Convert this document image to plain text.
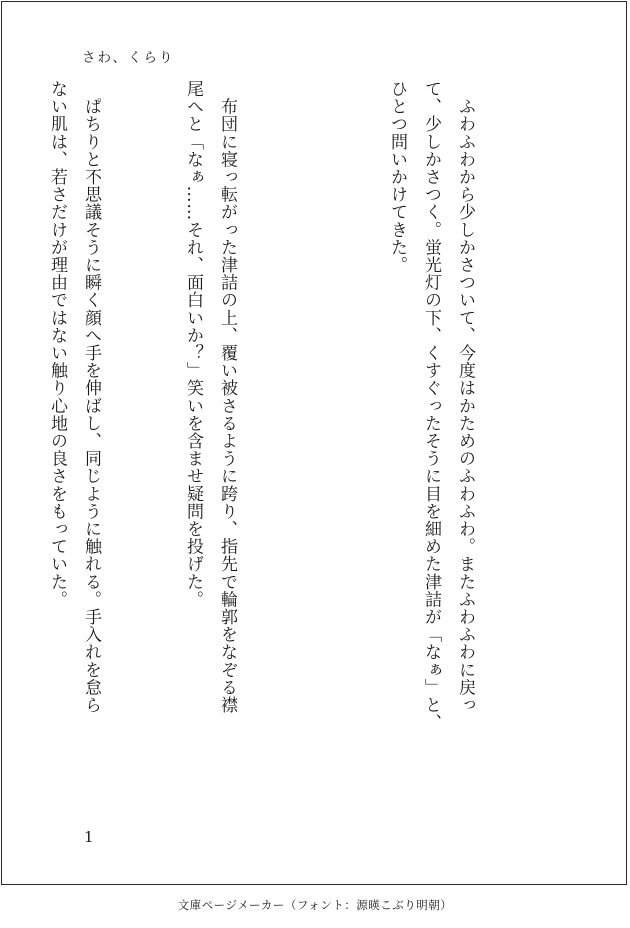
さわ、くらり

　ふわふわから少しかさついて、今度はかためのふわふわ。またふわふわに戻っ
て、少しかさつく。蛍光灯の下、くすぐったそうに目を細めた津詰が「なぁ」と、
ひとつ問いかけてきた。

　布団に寝っ転がった津詰の上、覆い被さるように跨り、指先で輪郭をなぞる襟
尾へと「なぁ……それ、面白いか？」笑いを含ませ疑問を投げた。

　ぱちりと不思議そうに瞬く顔へ手を伸ばし、同じように触れる。手入れを怠ら
ない肌は、若さだけが理由ではない触り心地の良さをもっていた。

1
文庫ページメーカー（フォント：源暎こぶり明朝）
